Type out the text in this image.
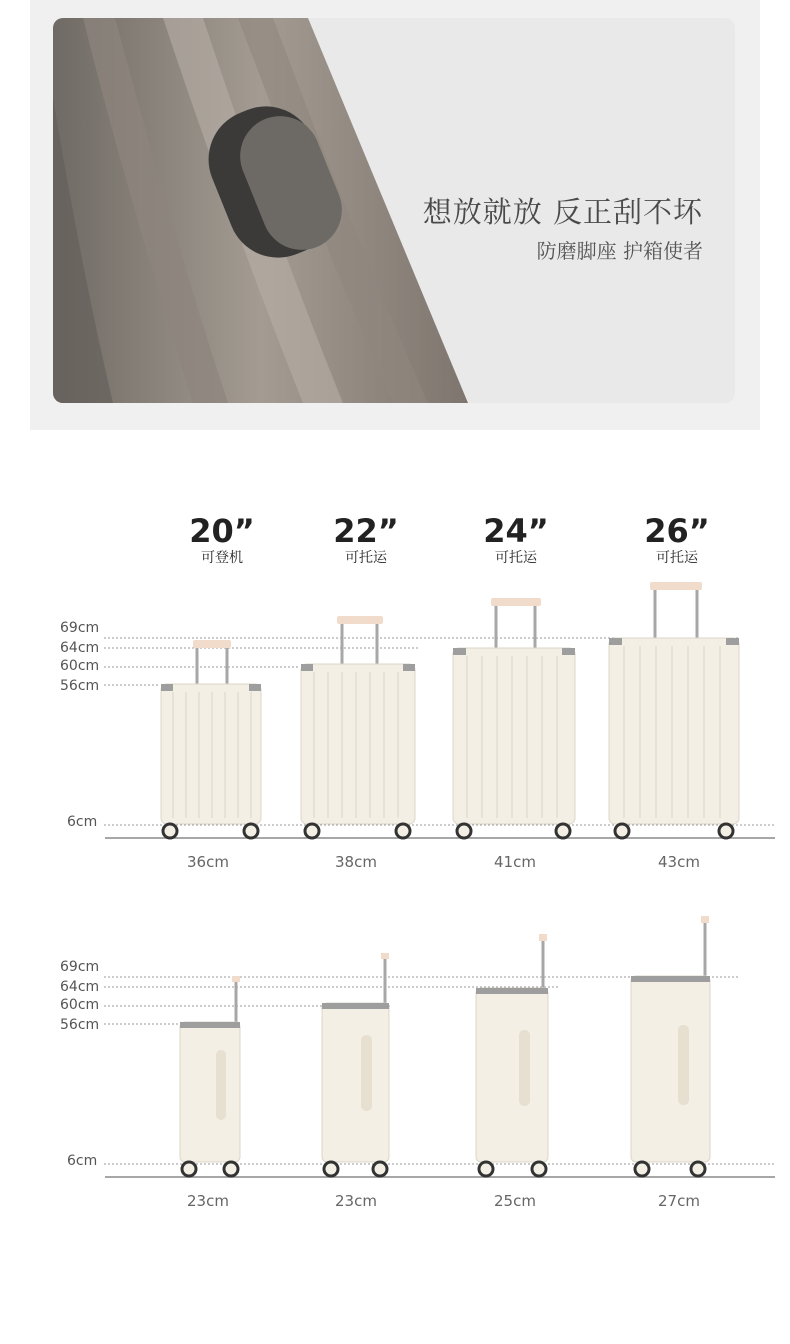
想放就放 反正刮不坏
防磨脚座 护箱使者
20”
可登机
22”
可托运
24”
可托运
26”
可托运
69cm
64cm
60cm
56cm
6cm
36cm	38cm	41cm	43cm
69cm
64cm
60cm
56cm
6cm
23cm	23cm	25cm	27cm
